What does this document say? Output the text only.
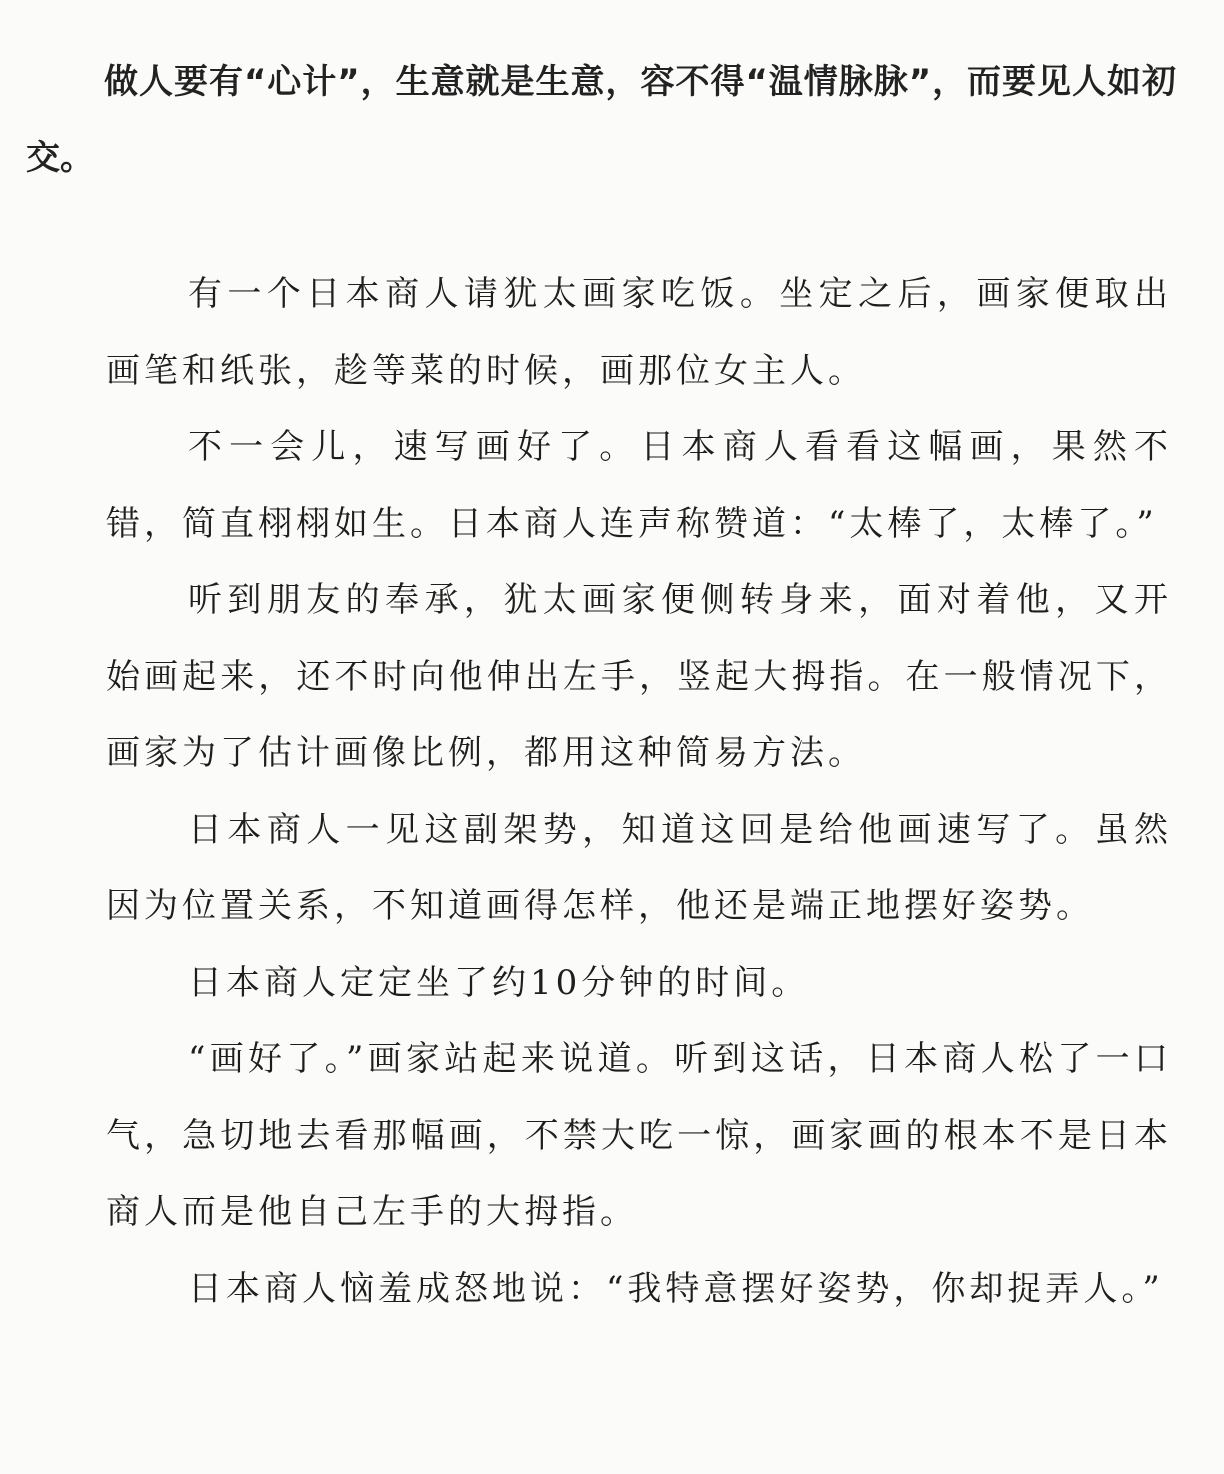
做人要有“心计”，生意就是生意，容不得“温情脉脉”，而要见人如初交。

有一个日本商人请犹太画家吃饭。坐定之后，画家便取出画笔和纸张，趁等菜的时候，画那位女主人。

不一会儿，速写画好了。日本商人看看这幅画，果然不错，简直栩栩如生。日本商人连声称赞道：“太棒了，太棒了。”

听到朋友的奉承，犹太画家便侧转身来，面对着他，又开始画起来，还不时向他伸出左手，竖起大拇指。在一般情况下，画家为了估计画像比例，都用这种简易方法。

日本商人一见这副架势，知道这回是给他画速写了。虽然因为位置关系，不知道画得怎样，他还是端正地摆好姿势。

日本商人定定坐了约10分钟的时间。

“画好了。”画家站起来说道。听到这话，日本商人松了一口气，急切地去看那幅画，不禁大吃一惊，画家画的根本不是日本商人而是他自己左手的大拇指。

日本商人恼羞成怒地说：“我特意摆好姿势，你却捉弄人。”
